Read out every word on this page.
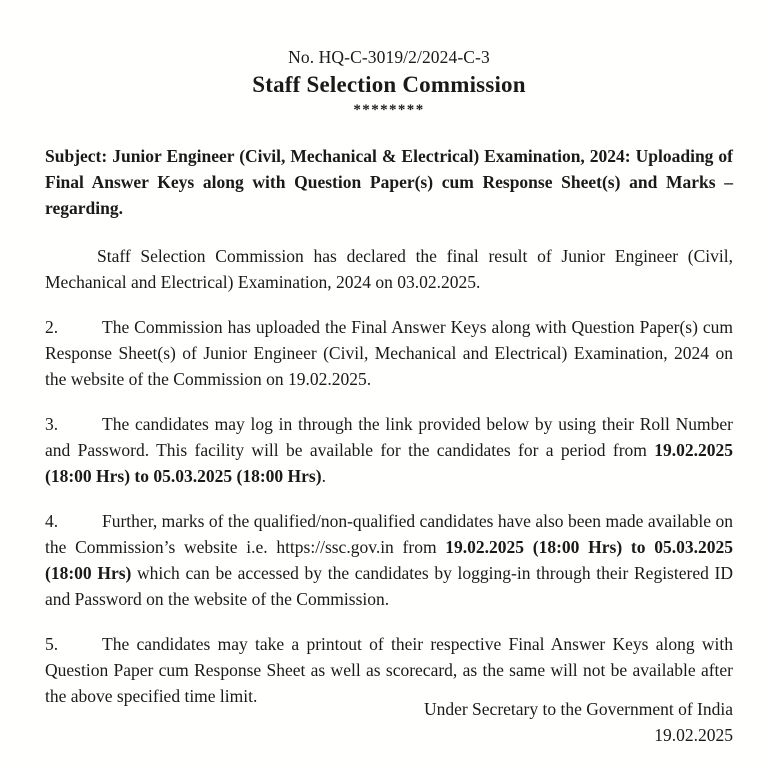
No. HQ-C-3019/2/2024-C-3
Staff Selection Commission
********
Subject: Junior Engineer (Civil, Mechanical & Electrical) Examination, 2024: Uploading of Final Answer Keys along with Question Paper(s) cum Response Sheet(s) and Marks – regarding.
Staff Selection Commission has declared the final result of Junior Engineer (Civil, Mechanical and Electrical) Examination, 2024 on 03.02.2025.
2.	The Commission has uploaded the Final Answer Keys along with Question Paper(s) cum Response Sheet(s) of Junior Engineer (Civil, Mechanical and Electrical) Examination, 2024 on the website of the Commission on 19.02.2025.
3.	The candidates may log in through the link provided below by using their Roll Number and Password. This facility will be available for the candidates for a period from 19.02.2025 (18:00 Hrs) to 05.03.2025 (18:00 Hrs).
4.	Further, marks of the qualified/non-qualified candidates have also been made available on the Commission’s website i.e. https://ssc.gov.in from 19.02.2025 (18:00 Hrs) to 05.03.2025 (18:00 Hrs) which can be accessed by the candidates by logging-in through their Registered ID and Password on the website of the Commission.
5.	The candidates may take a printout of their respective Final Answer Keys along with Question Paper cum Response Sheet as well as scorecard, as the same will not be available after the above specified time limit.
Under Secretary to the Government of India
19.02.2025
